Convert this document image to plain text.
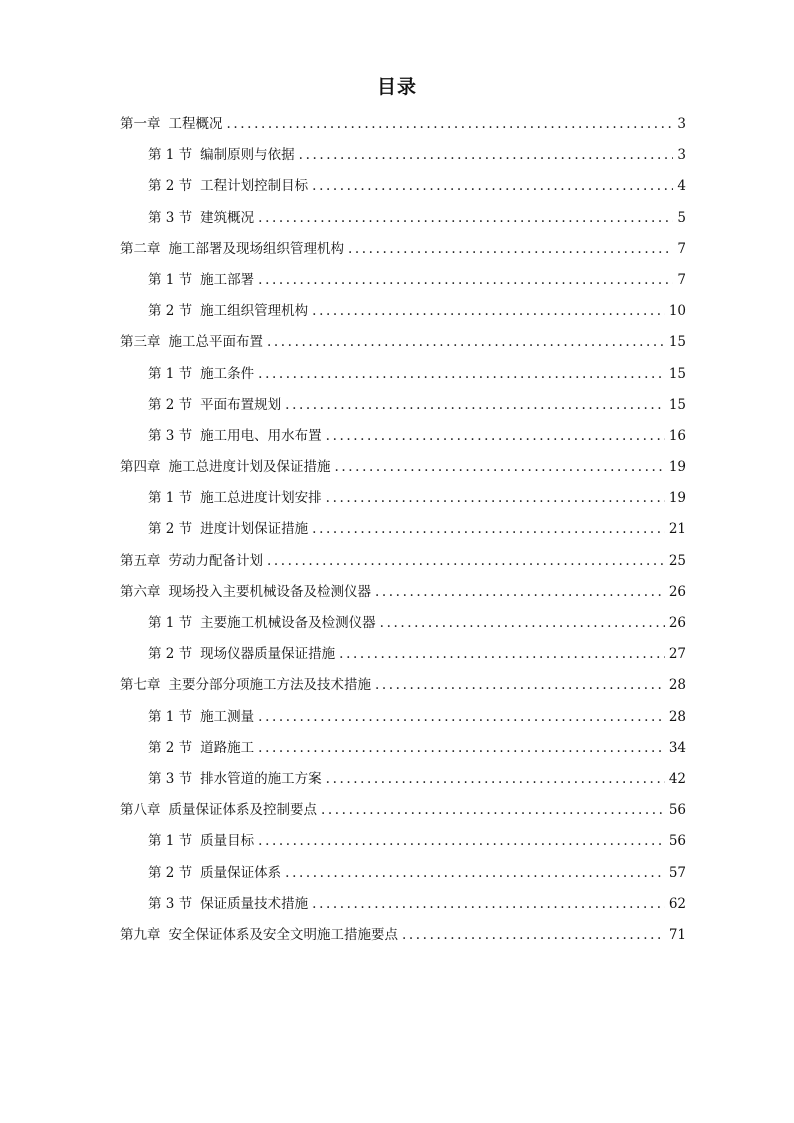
目录
第一章 工程概况 .....	3
第 1 节 编制原则与依据 .....	3
第 2 节 工程计划控制目标 .....	4
第 3 节 建筑概况 .....	5
第二章 施工部署及现场组织管理机构 .....	7
第 1 节 施工部署 .....	7
第 2 节 施工组织管理机构 .....	10
第三章 施工总平面布置 .....	15
第 1 节 施工条件 .....	15
第 2 节 平面布置规划 .....	15
第 3 节 施工用电、用水布置 .....	16
第四章 施工总进度计划及保证措施 .....	19
第 1 节 施工总进度计划安排 .....	19
第 2 节 进度计划保证措施 .....	21
第五章 劳动力配备计划 .....	25
第六章 现场投入主要机械设备及检测仪器 .....	26
第 1 节 主要施工机械设备及检测仪器 .....	26
第 2 节 现场仪器质量保证措施 .....	27
第七章 主要分部分项施工方法及技术措施 .....	28
第 1 节 施工测量 .....	28
第 2 节 道路施工 .....	34
第 3 节 排水管道的施工方案 .....	42
第八章 质量保证体系及控制要点 .....	56
第 1 节 质量目标 .....	56
第 2 节 质量保证体系 .....	57
第 3 节 保证质量技术措施 .....	62
第九章 安全保证体系及安全文明施工措施要点 .....	71
